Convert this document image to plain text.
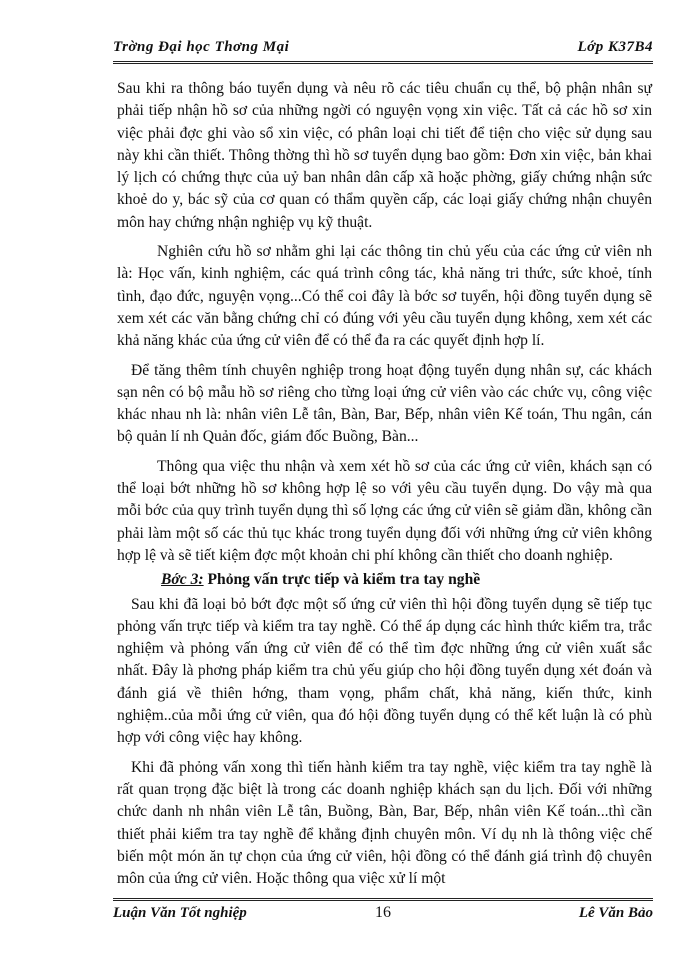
Trờng Đại học Thơng Mại	Lớp K37B4

Sau khi ra thông báo tuyển dụng và nêu rõ các tiêu chuẩn cụ thể, bộ phận nhân sự phải tiếp nhận hồ sơ của những ngời có nguyện vọng xin việc. Tất cả các hồ sơ xin việc phải đợc ghi vào sổ xin việc, có phân loại chi tiết để tiện cho việc sử dụng sau này khi cần thiết. Thông thờng thì hồ sơ tuyển dụng bao gồm: Đơn xin việc, bản khai lý lịch có chứng thực của uỷ ban nhân dân cấp xã hoặc phờng, giấy chứng nhận sức khoẻ do y, bác sỹ của cơ quan có thẩm quyền cấp, các loại giấy chứng nhận chuyên môn hay chứng nhận nghiệp vụ kỹ thuật.

Nghiên cứu hồ sơ nhằm ghi lại các thông tin chủ yếu của các ứng cử viên nh là: Học vấn, kinh nghiệm, các quá trình công tác, khả năng tri thức, sức khoẻ, tính tình, đạo đức, nguyện vọng...Có thể coi đây là bớc sơ tuyển, hội đồng tuyển dụng sẽ xem xét các văn bằng chứng chỉ có đúng với yêu cầu tuyển dụng không, xem xét các khả năng khác của ứng cử viên để có thể đa ra các quyết định hợp lí.

Để tăng thêm tính chuyên nghiệp trong hoạt động tuyển dụng nhân sự, các khách sạn nên có bộ mẫu hồ sơ riêng cho từng loại ứng cử viên vào các chức vụ, công việc khác nhau nh là: nhân viên Lễ tân, Bàn, Bar, Bếp, nhân viên Kế toán, Thu ngân, cán bộ quản lí nh Quản đốc, giám đốc Buồng, Bàn...

Thông qua việc thu nhận và xem xét hồ sơ của các ứng cử viên, khách sạn có thể loại bớt những hồ sơ không hợp lệ so với yêu cầu tuyển dụng. Do vậy mà qua mỗi bớc của quy trình tuyển dụng thì số lợng các ứng cử viên sẽ giảm dần, không cần phải làm một số các thủ tục khác trong tuyển dụng đối với những ứng cử viên không hợp lệ và sẽ tiết kiệm đợc một khoản chi phí không cần thiết cho doanh nghiệp.

Bớc 3: Phỏng vấn trực tiếp và kiểm tra tay nghề

Sau khi đã loại bỏ bớt đợc một số ứng cử viên thì hội đồng tuyển dụng sẽ tiếp tục phỏng vấn trực tiếp và kiểm tra tay nghề. Có thể áp dụng các hình thức kiểm tra, trắc nghiệm và phỏng vấn ứng cử viên để có thể tìm đợc những ứng cử viên xuất sắc nhất. Đây là phơng pháp kiểm tra chủ yếu giúp cho hội đồng tuyển dụng xét đoán và đánh giá về thiên hớng, tham vọng, phẩm chất, khả năng, kiến thức, kinh nghiệm..của mỗi ứng cử viên, qua đó hội đồng tuyển dụng có thể kết luận là có phù hợp với công việc hay không.

Khi đã phỏng vấn xong thì tiến hành kiểm tra tay nghề, việc kiểm tra tay nghề là rất quan trọng đặc biệt là trong các doanh nghiệp khách sạn du lịch. Đối với những chức danh nh nhân viên Lễ tân, Buồng, Bàn, Bar, Bếp, nhân viên Kế toán...thì cần thiết phải kiểm tra tay nghề để khẳng định chuyên môn. Ví dụ nh là thông việc chế biến một món ăn tự chọn của ứng cử viên, hội đồng có thể đánh giá trình độ chuyên môn của ứng cử viên. Hoặc thông qua việc xử lí một

Luận Văn Tốt nghiệp	16	Lê Văn Bảo
